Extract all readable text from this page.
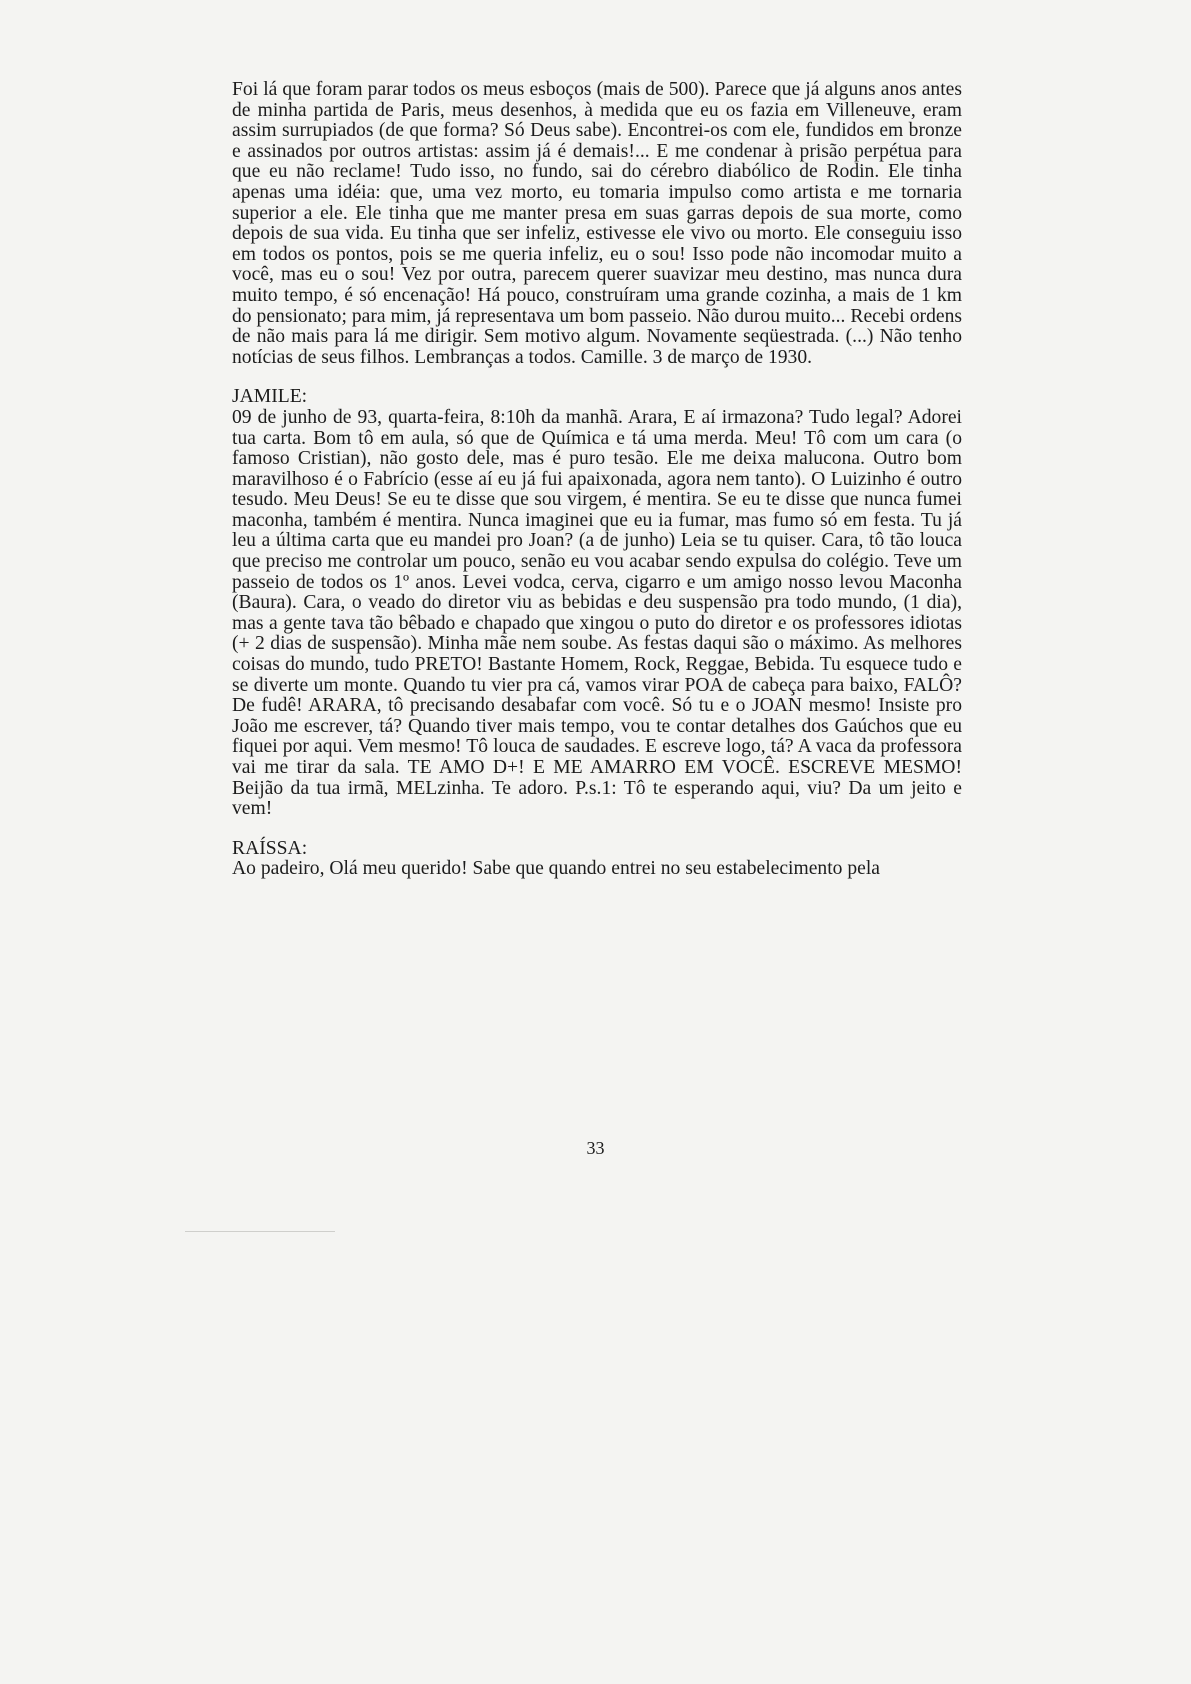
Foi lá que foram parar todos os meus esboços (mais de 500). Parece que já alguns anos antes de minha partida de Paris, meus desenhos, à medida que eu os fazia em Villeneuve, eram assim surrupiados (de que forma? Só Deus sabe). Encontrei-os com ele, fundidos em bronze e assinados por outros artistas: assim já é demais!... E me condenar à prisão perpétua para que eu não reclame! Tudo isso, no fundo, sai do cérebro diabólico de Rodin. Ele tinha apenas uma idéia: que, uma vez morto, eu tomaria impulso como artista e me tornaria superior a ele. Ele tinha que me manter presa em suas garras depois de sua morte, como depois de sua vida. Eu tinha que ser infeliz, estivesse ele vivo ou morto. Ele conseguiu isso em todos os pontos, pois se me queria infeliz, eu o sou! Isso pode não incomodar muito a você, mas eu o sou! Vez por outra, parecem querer suavizar meu destino, mas nunca dura muito tempo, é só encenação! Há pouco, construíram uma grande cozinha, a mais de 1 km do pensionato; para mim, já representava um bom passeio. Não durou muito... Recebi ordens de não mais para lá me dirigir. Sem motivo algum. Novamente seqüestrada. (...) Não tenho notícias de seus filhos. Lembranças a todos. Camille. 3 de março de 1930.

JAMILE:

09 de junho de 93, quarta-feira, 8:10h da manhã. Arara, E aí irmazona? Tudo legal? Adorei tua carta. Bom tô em aula, só que de Química e tá uma merda. Meu! Tô com um cara (o famoso Cristian), não gosto dele, mas é puro tesão. Ele me deixa malucona. Outro bom maravilhoso é o Fabrício (esse aí eu já fui apaixonada, agora nem tanto). O Luizinho é outro tesudo. Meu Deus! Se eu te disse que sou virgem, é mentira. Se eu te disse que nunca fumei maconha, também é mentira. Nunca imaginei que eu ia fumar, mas fumo só em festa. Tu já leu a última carta que eu mandei pro Joan? (a de junho) Leia se tu quiser. Cara, tô tão louca que preciso me controlar um pouco, senão eu vou acabar sendo expulsa do colégio. Teve um passeio de todos os 1º anos. Levei vodca, cerva, cigarro e um amigo nosso levou Maconha (Baura). Cara, o veado do diretor viu as bebidas e deu suspensão pra todo mundo, (1 dia), mas a gente tava tão bêbado e chapado que xingou o puto do diretor e os professores idiotas (+ 2 dias de suspensão). Minha mãe nem soube. As festas daqui são o máximo. As melhores coisas do mundo, tudo PRETO! Bastante Homem, Rock, Reggae, Bebida. Tu esquece tudo e se diverte um monte. Quando tu vier pra cá, vamos virar POA de cabeça para baixo, FALÔ? De fudê! ARARA, tô precisando desabafar com você. Só tu e o JOAN mesmo! Insiste pro João me escrever, tá? Quando tiver mais tempo, vou te contar detalhes dos Gaúchos que eu fiquei por aqui. Vem mesmo! Tô louca de saudades. E escreve logo, tá? A vaca da professora vai me tirar da sala. TE AMO D+! E ME AMARRO EM VOCÊ. ESCREVE MESMO! Beijão da tua irmã, MELzinha. Te adoro. P.s.1: Tô te esperando aqui, viu? Da um jeito e vem!

RAÍSSA:

Ao padeiro, Olá meu querido! Sabe que quando entrei no seu estabelecimento pela

33
